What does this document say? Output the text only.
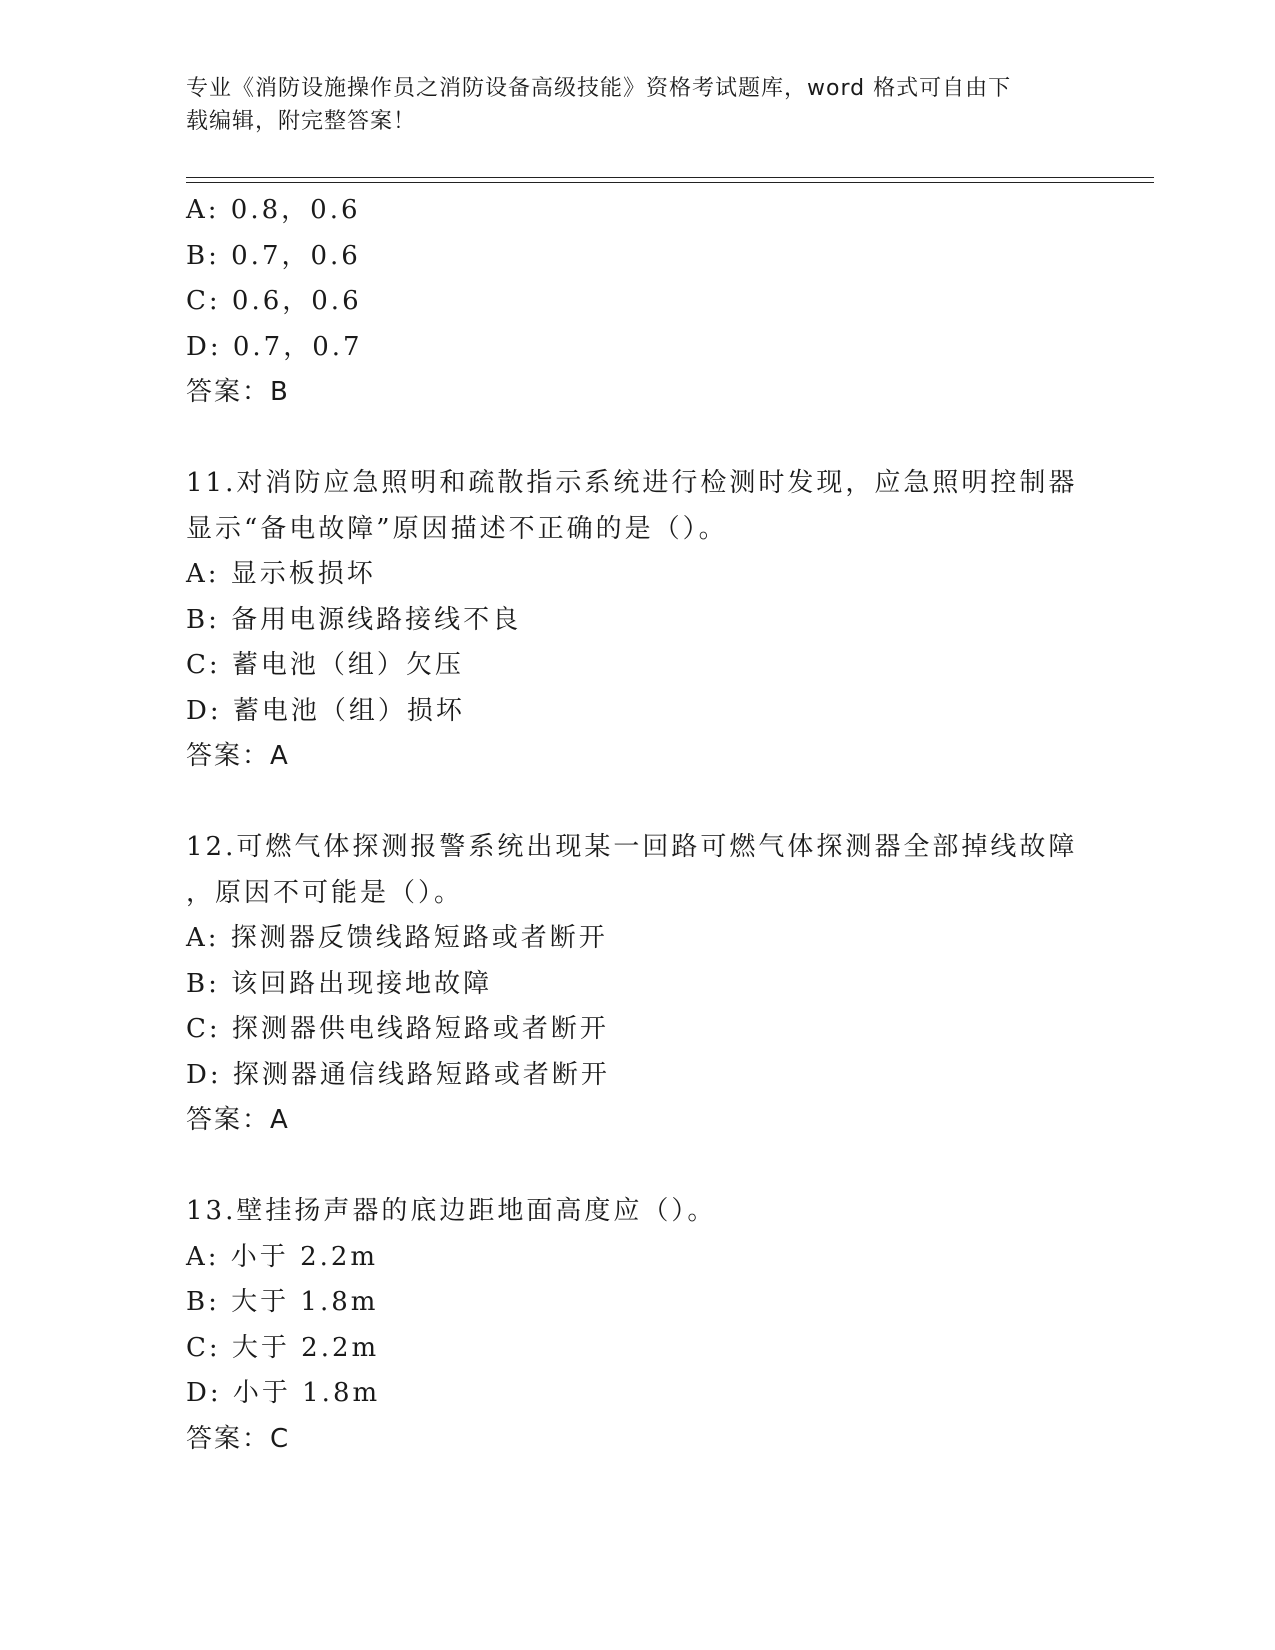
专业《消防设施操作员之消防设备高级技能》资格考试题库，word 格式可自由下
载编辑，附完整答案！
A: 0.8，0.6
B: 0.7，0.6
C: 0.6，0.6
D: 0.7，0.7
答案：B
11.对消防应急照明和疏散指示系统进行检测时发现，应急照明控制器
显示“备电故障”原因描述不正确的是（）。
A: 显示板损坏
B: 备用电源线路接线不良
C: 蓄电池（组）欠压
D: 蓄电池（组）损坏
答案：A
12.可燃气体探测报警系统出现某一回路可燃气体探测器全部掉线故障
，原因不可能是（）。
A: 探测器反馈线路短路或者断开
B: 该回路出现接地故障
C: 探测器供电线路短路或者断开
D: 探测器通信线路短路或者断开
答案：A
13.壁挂扬声器的底边距地面高度应（）。
A: 小于 2.2m
B: 大于 1.8m
C: 大于 2.2m
D: 小于 1.8m
答案：C
